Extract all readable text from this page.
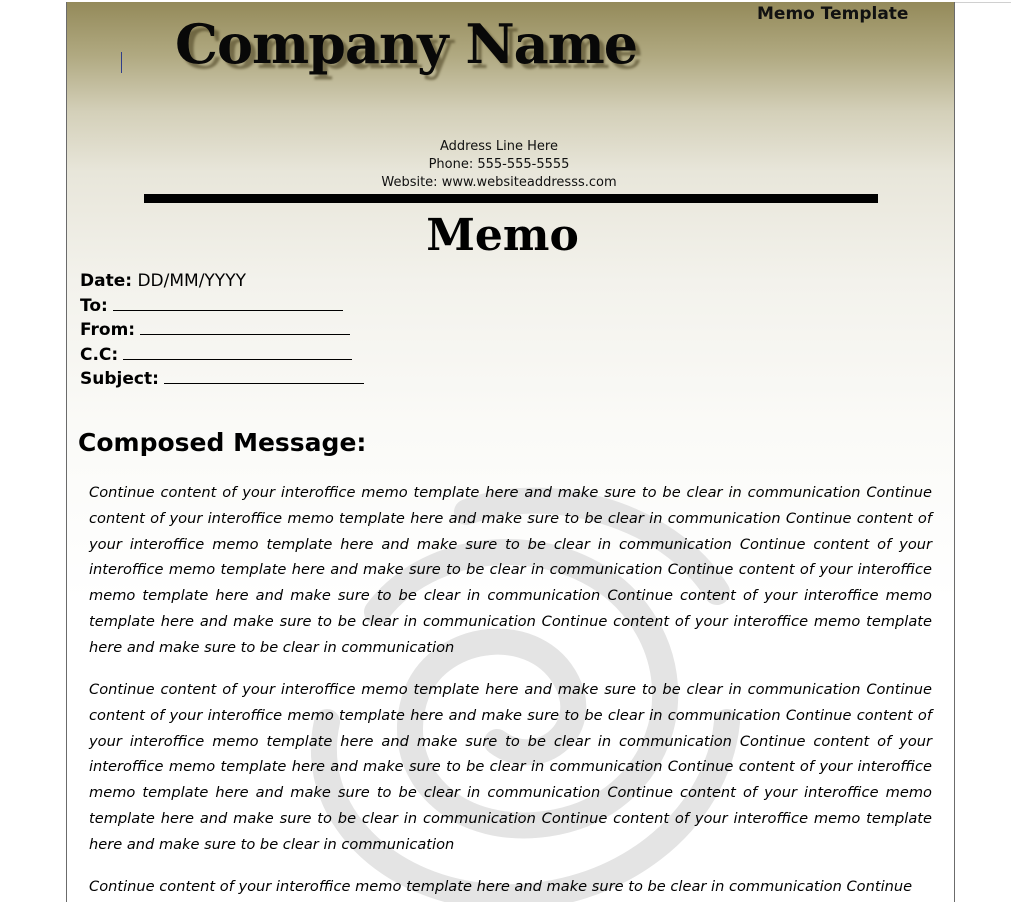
Memo Template
Company Name
Address Line Here
Phone: 555-555-5555
Website: www.websiteaddresss.com
Memo
Date: DD/MM/YYYY
To:
From:
C.C:
Subject:
Composed Message:
Continue content of your interoffice memo template here and make sure to be clear in communication Continue content of your interoffice memo template here and make sure to be clear in communication Continue content of your interoffice memo template here and make sure to be clear in communication Continue content of your interoffice memo template here and make sure to be clear in communication Continue content of your interoffice memo template here and make sure to be clear in communication Continue content of your interoffice memo template here and make sure to be clear in communication Continue content of your interoffice memo template here and make sure to be clear in communication
Continue content of your interoffice memo template here and make sure to be clear in communication Continue content of your interoffice memo template here and make sure to be clear in communication Continue content of your interoffice memo template here and make sure to be clear in communication Continue content of your interoffice memo template here and make sure to be clear in communication Continue content of your interoffice memo template here and make sure to be clear in communication Continue content of your interoffice memo template here and make sure to be clear in communication Continue content of your interoffice memo template here and make sure to be clear in communication
Continue content of your interoffice memo template here and make sure to be clear in communication Continue
